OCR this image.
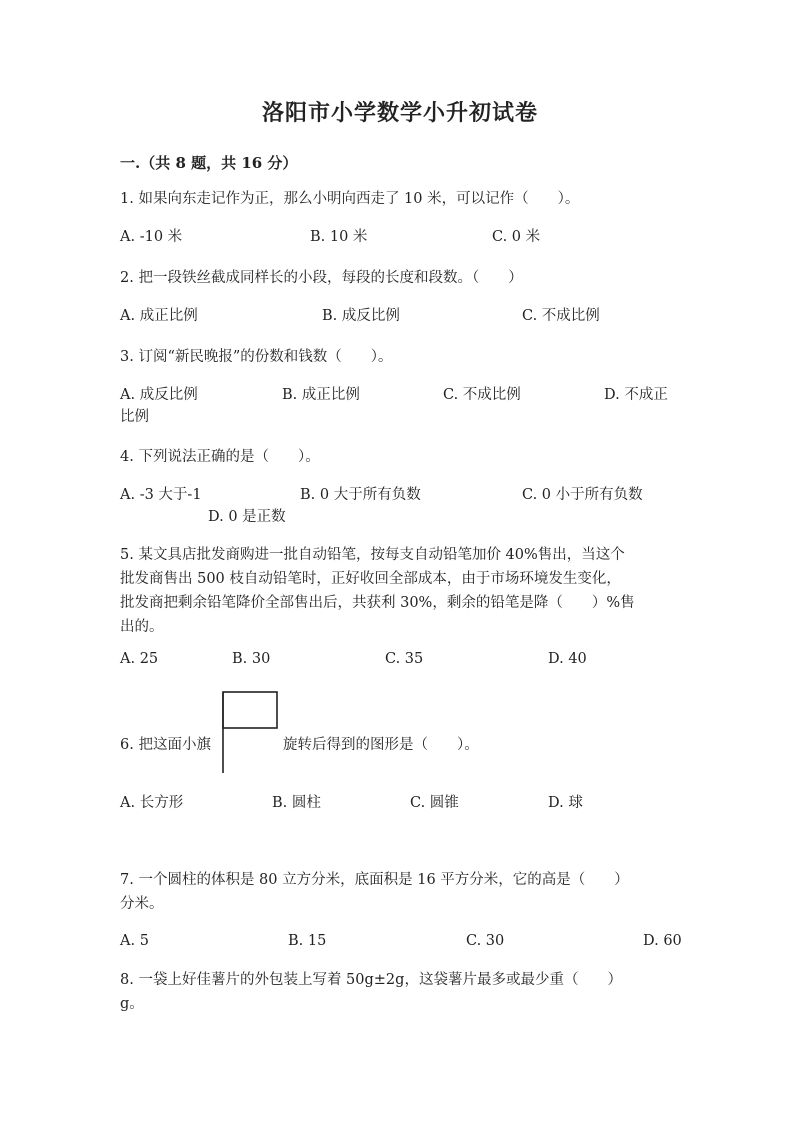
洛阳市小学数学小升初试卷
一.（共 8 题，共 16 分）
1. 如果向东走记作为正，那么小明向西走了 10 米，可以记作（　　）。
A. -10 米	B. 10 米	C. 0 米
2. 把一段铁丝截成同样长的小段，每段的长度和段数。（　　）
A. 成正比例	B. 成反比例	C. 不成比例
3. 订阅“新民晚报”的份数和钱数（　　）。
A. 成反比例	B. 成正比例	C. 不成比例	D. 不成正
比例
4. 下列说法正确的是（　　）。
A. -3 大于-1	B. 0 大于所有负数	C. 0 小于所有负数
D. 0 是正数
5. 某文具店批发商购进一批自动铅笔，按每支自动铅笔加价 40%售出，当这个
批发商售出 500 枝自动铅笔时，正好收回全部成本，由于市场环境发生变化，
批发商把剩余铅笔降价全部售出后，共获利 30%，剩余的铅笔是降（　　）%售
出的。
A. 25	B. 30	C. 35	D. 40
6. 把这面小旗	旋转后得到的图形是（　　）。
A. 长方形	B. 圆柱	C. 圆锥	D. 球
7. 一个圆柱的体积是 80 立方分米，底面积是 16 平方分米，它的高是（　　）
分米。
A. 5	B. 15	C. 30	D. 60
8. 一袋上好佳薯片的外包装上写着 50g±2g，这袋薯片最多或最少重（　　）
g。
